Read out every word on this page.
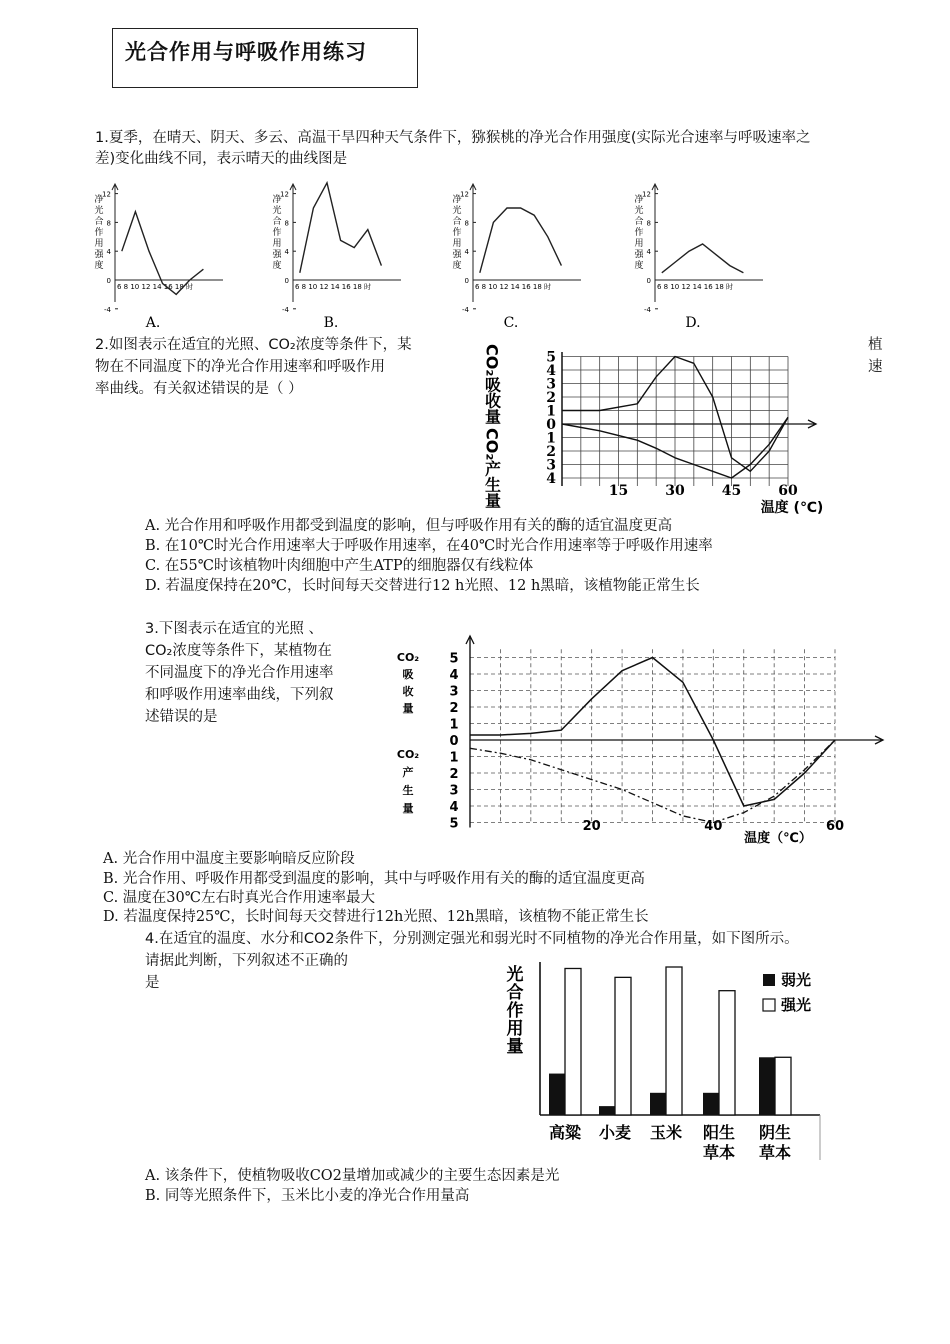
光合作用与呼吸作用练习
1.夏季，在晴天、阴天、多云、高温干旱四种天气条件下，猕猴桃的净光合作用强度(实际光合速率与呼吸速率之
差)变化曲线不同，表示晴天的曲线图是
净
光
合
作
用
强
度
12
8
4
0
-4
6 8 10 12 14 16 18 时
A.
净
光
合
作
用
强
度
12
8
4
0
-4
6 8 10 12 14 16 18 时
B.
净
光
合
作
用
强
度
12
8
4
0
-4
6 8 10 12 14 16 18 时
C.
净
光
合
作
用
强
度
12
8
4
0
-4
6 8 10 12 14 16 18 时
D.
2.如图表示在适宜的光照、CO₂浓度等条件下，某
物在不同温度下的净光合作用速率和呼吸作用
率曲线。有关叙述错误的是（ ）
植
速
5
4
3
2
1
0
1
2
3
4
CO₂吸收量
CO₂产生量	15	30	45	60
温度 (℃)
A. 光合作用和呼吸作用都受到温度的影响，但与呼吸作用有关的酶的适宜温度更高
B. 在10℃时光合作用速率大于呼吸作用速率，在40℃时光合作用速率等于呼吸作用速率
C. 在55℃时该植物叶肉细胞中产生ATP的细胞器仅有线粒体
D. 若温度保持在20℃，长时间每天交替进行12 h光照、12 h黑暗，该植物能正常生长
3.下图表示在适宜的光照 、
CO₂浓度等条件下，某植物在
不同温度下的净光合作用速率
和呼吸作用速率曲线，下列叙
述错误的是
5
4
3
2
1
0
1
2
3
4
5
CO₂
吸
收
量
CO₂
产
生
量
20	40	60
温度（℃）
A. 光合作用中温度主要影响暗反应阶段
B. 光合作用、呼吸作用都受到温度的影响，其中与呼吸作用有关的酶的适宜温度更高
C. 温度在30℃左右时真光合作用速率最大
D. 若温度保持25℃，长时间每天交替进行12h光照、12h黑暗，该植物不能正常生长
4.在适宜的温度、水分和CO2条件下，分别测定强光和弱光时不同植物的净光合作用量，如下图所示。
请据此判断，下列叙述不正确的
是	光
合
作
用
量
高粱 小麦 玉米 阳生
草本
阴生
草本
弱光
强光
A. 该条件下，使植物吸收CO2量增加或减少的主要生态因素是光
B. 同等光照条件下，玉米比小麦的净光合作用量高
